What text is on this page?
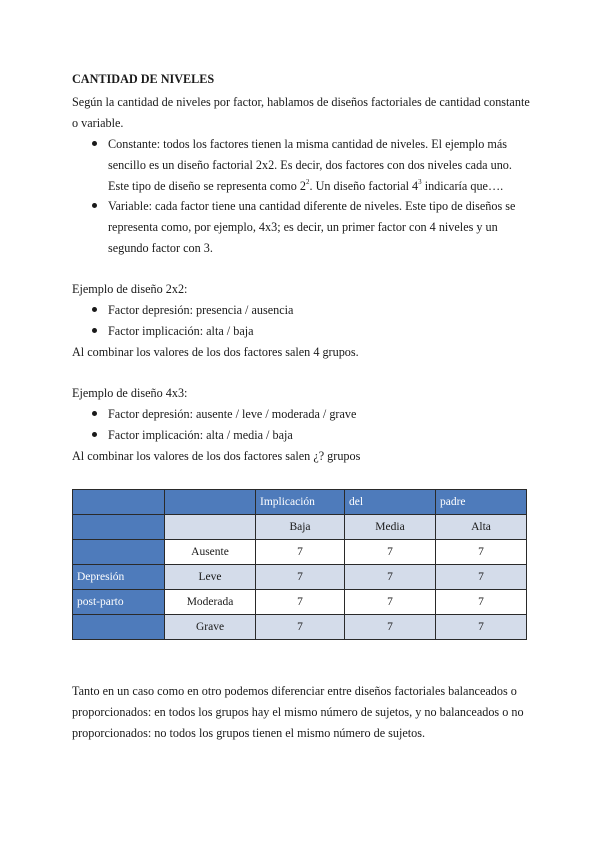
CANTIDAD DE NIVELES
Según la cantidad de niveles por factor, hablamos de diseños factoriales de cantidad constante
o variable.
Constante: todos los factores tienen la misma cantidad de niveles. El ejemplo más
sencillo es un diseño factorial 2x2. Es decir, dos factores con dos niveles cada uno.
Este tipo de diseño se representa como $2^2$. Un diseño factorial $4^3$ indicaría que….
Variable: cada factor tiene una cantidad diferente de niveles. Este tipo de diseños se
representa como, por ejemplo, 4x3; es decir, un primer factor con 4 niveles y un
segundo factor con 3.
Ejemplo de diseño 2x2:
Factor depresión: presencia / ausencia
Factor implicación: alta / baja
Al combinar los valores de los dos factores salen 4 grupos.
Ejemplo de diseño 4x3:
Factor depresión: ausente / leve / moderada / grave
Factor implicación: alta / media / baja
Al combinar los valores de los dos factores salen ¿? grupos
		Implicación	del	padre
		Baja	Media	Alta
	Ausente	7	7	7
Depresión	Leve	7	7	7
post-parto	Moderada	7	7	7
	Grave	7	7	7
Tanto en un caso como en otro podemos diferenciar entre diseños factoriales balanceados o
proporcionados: en todos los grupos hay el mismo número de sujetos, y no balanceados o no
proporcionados: no todos los grupos tienen el mismo número de sujetos.
